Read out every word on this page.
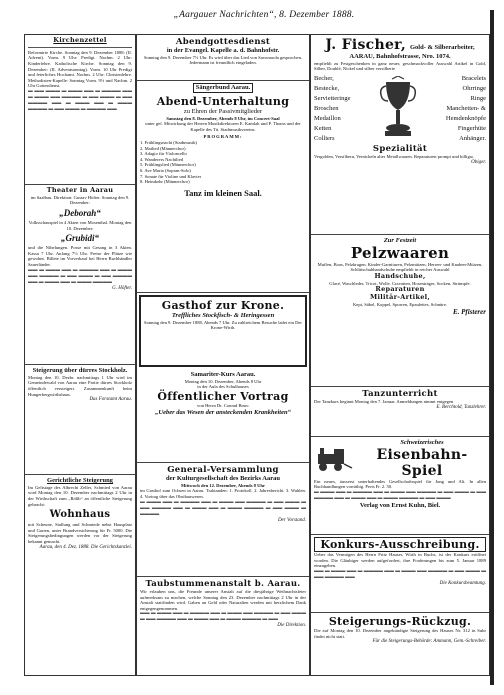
„Aargauer Nachrichten“, 8. Dezember 1888.
Kirchenzettel
Reformirte Kirche. Sonntag den 9. Dezember 1888: (II. Advent). Vorm. 9 Uhr: Predigt. Nachm. 2 Uhr: Kinderlehre. Katholische Kirche. Sonntag den 9. Dezember: (II. Adventsonntag). Vorm. 10 Uhr Predigt und feierliches Hochamt. Nachm. 2 Uhr: Christenlehre. Methodisten-Kapelle: Sonntag Vorm. 9½ und Nachm. 2 Uhr Gottesdienst.
▬ ▬▬ ▬▬▬ ▬ ▬▬▬ ▬▬ ▬ ▬▬▬▬ ▬▬ ▬ ▬▬▬ ▬▬ ▬▬▬▬ ▬ ▬▬ ▬▬▬ ▬ ▬▬ ▬▬▬▬ ▬▬ ▬ ▬▬▬ ▬▬ ▬ ▬▬▬ ▬▬▬▬ ▬ ▬▬ ▬▬▬ ▬ ▬▬▬▬ ▬▬
Theater in Aarau
im Saalbau. Direktion: Gustav Höfter. Sonntag den 9. Dezember:
„Deborah“
Volksschauspiel in 4 Akten von Mosenthal. Montag den 10. Dezember:
„Grubidi“
und die Nibelungen. Posse mit Gesang in 3 Akten. Kassa 7 Uhr. Anfang 7½ Uhr. Preise der Plätze wie gewohnt. Billete im Vorverkauf bei Herrn Buchhändler Sauerländer.
▬▬ ▬ ▬▬▬ ▬▬ ▬ ▬▬▬▬ ▬▬ ▬ ▬▬▬ ▬▬ ▬▬▬▬ ▬ ▬▬ ▬▬▬ ▬ ▬▬ ▬▬▬▬ ▬▬ ▬ ▬▬▬ ▬▬ ▬ ▬▬▬ ▬▬▬▬
G. Höfter.
Steigerung über dürres Stockholz.
Montag den 10. Dezbr. nachmittags 1 Uhr wird im Gemeindewald von Aarau eine Partie dürres Stockholz öffentlich versteigert. Zusammenkunft beim Hungerbergwirthshaus.
Das Forstamt Aarau.
Gerichtliche Steigerung
Im Geltstage des Albrecht Zeller, Schmied von Aarau wird Montag den 10. Dezember nachmittags 2 Uhr in der Wirthschaft zum „Rößli“ an öffentliche Steigerung gebracht:
Wohnhaus
mit Scheune, Stallung und Schmiede nebst Hausplatz und Garten, unter Brandversicherung für Fr. 5000. Die Steigerungsbedingungen werden vor der Steigerung bekannt gemacht.
Aarau, den 4. Dez. 1888. Die Gerichtskanzlei.
Abendgottesdienst
in der Evangel. Kapelle a. d. Bahnhofstr.
Sonntag den 9. Dezember 7½ Uhr. Es wird über das Lied von Savonarola gesprochen. Jedermann ist freundlich eingeladen.
Sängerbund Aarau.
Abend-Unterhaltung
zu Ehren der Passivmitglieder
Samstag den 8. Dezember, Abends 8 Uhr, im Concert-Saal
unter gef. Mitwirkung der Herren Musikdirektoren E. Kamlah und P. Thoms und der Kapelle des Tit. Stadtmusikvereins.
PROGRAMM:
1. Frühlingsnacht (Stadtmusik)
2. Mailied (Männerchor)
3. Adagio für Violoncello
4. Wanderers Nachtlied
5. Frühlingslied (Männerchor)
6. Ave Maria (Sopran-Solo)
7. Sonate für Violine und Klavier
8. Heimkehr (Männerchor)
Tanz im kleinen Saal.
Gasthof zur Krone.
Treffliches Stockfisch- & Heringessen
Sonntag den 9. Dezember 1888, Abends 7 Uhr. Zu zahlreichem Besuche ladet ein Der Krone-Wirth.
Samariter-Kurs Aarau.
Montag den 10. Dezember, Abends 8 Uhr
in der Aula des Schulhauses
Öffentlicher Vortrag
von Herrn Dr. Conrad Brun:
„Ueber das Wesen der ansteckenden Krankheiten“
General-Versammlung
der Kulturgesellschaft des Bezirks Aarau
Mittwoch den 12. Dezember, Abends 8 Uhr
im Gasthof zum Ochsen in Aarau. Traktanden: 1. Protokoll. 2. Jahresbericht. 3. Wahlen. 4. Vortrag über das Obstbauwesen.
▬ ▬▬▬ ▬▬ ▬ ▬▬▬▬ ▬▬ ▬ ▬▬▬ ▬▬ ▬▬▬▬ ▬ ▬▬ ▬▬▬ ▬ ▬▬ ▬▬▬▬ ▬▬ ▬ ▬▬▬ ▬▬ ▬ ▬▬▬ ▬▬▬▬ ▬ ▬▬ ▬▬▬ ▬ ▬▬▬▬
Der Vorstand.
Taubstummenanstalt b. Aarau.
Wir erlauben uns, die Freunde unserer Anstalt auf die diesjährige Weihnachtsfeier aufmerksam zu machen, welche Sonntag den 23. Dezember nachmittags 2 Uhr in der Anstalt stattfinden wird. Gaben an Geld oder Naturalien werden mit herzlichem Dank entgegengenommen.
▬▬ ▬ ▬▬▬ ▬▬ ▬ ▬▬▬▬ ▬▬ ▬ ▬▬▬ ▬▬ ▬▬▬▬ ▬ ▬▬ ▬▬▬ ▬ ▬▬ ▬▬▬▬ ▬▬ ▬ ▬▬▬ ▬▬ ▬ ▬▬▬ ▬▬▬▬ ▬ ▬▬
Die Direktion.
J. Fischer, Gold- & Silberarbeiter,
AARAU, Bahnhofstrasse, Nro. 1074.
empfiehlt zu Festgeschenken in ganz neuer, geschmackvoller Auswahl Artikel in Gold, Silber, Doublé, Nickel und silber versilberte
Becher,
Bestecke,
Servietteringe
Broschen
Medaillon
Ketten
Colliers
Bracelets
Ohrringe
Ringe
Manchetten- &
Hemdenknöpfe
Fingerhüte
Anhänger.
Spezialität
Vergolden, Versilbern, Vernickeln alter Metallwaaren. Reparaturen prompt und billigst.
Obiger.
Zur Festzeit
Pelzwaaren
Muffen, Boas, Pelzkragen, Kinder-Garnituren, Pelzmützen, Herren- und Knaben-Mützen, Schlittschuhhandschuhe empfiehlt in reicher Auswahl
Handschuhe,
Glacé, Waschleder, Tricot, Wolle. Cravatten, Hosenträger, Socken, Strümpfe.
Reparaturen
Militär-Artikel,
Kepi, Säbel, Koppel, Sporren, Epaulettes, Schnüre.
E. Pfisterer
Tanzunterricht
Der Tanzkurs beginnt Montag den 7. Januar. Anmeldungen nimmt entgegen
E. Berchtold, Tanzlehrer.
Schweizerisches
Eisenbahn-Spiel
Ein neues, äusserst unterhaltendes Gesellschaftsspiel für Jung und Alt. In allen Buchhandlungen vorräthig. Preis Fr. 2. 50.
▬ ▬▬▬ ▬▬ ▬ ▬▬▬▬ ▬▬ ▬ ▬▬▬ ▬▬ ▬▬▬▬ ▬ ▬▬ ▬▬▬ ▬ ▬▬ ▬▬▬▬ ▬▬ ▬ ▬▬▬ ▬▬ ▬ ▬▬▬ ▬▬▬▬ ▬ ▬▬ ▬▬▬
Verlag von Ernst Kuhn, Biel.
Konkurs-Ausschreibung.
Ueber das Vermögen des Herrn Fritz Hauser, Wirth in Buchs, ist der Konkurs eröffnet worden. Die Gläubiger werden aufgefordert, ihre Forderungen bis zum 5. Januar 1889 einzugeben.
▬▬ ▬ ▬▬▬ ▬▬ ▬ ▬▬▬▬ ▬▬ ▬ ▬▬▬ ▬▬ ▬▬▬▬ ▬ ▬▬ ▬▬▬ ▬ ▬▬ ▬▬▬▬ ▬▬
Die Konkursbeamtung.
Steigerungs-Rückzug.
Die auf Montag den 10. Dezember angekündigte Steigerung des Hauses Nr. 312 in Suhr findet nicht statt.
Für die Steigerungs-Behörde: Ammann, Gem.-Schreiber.
